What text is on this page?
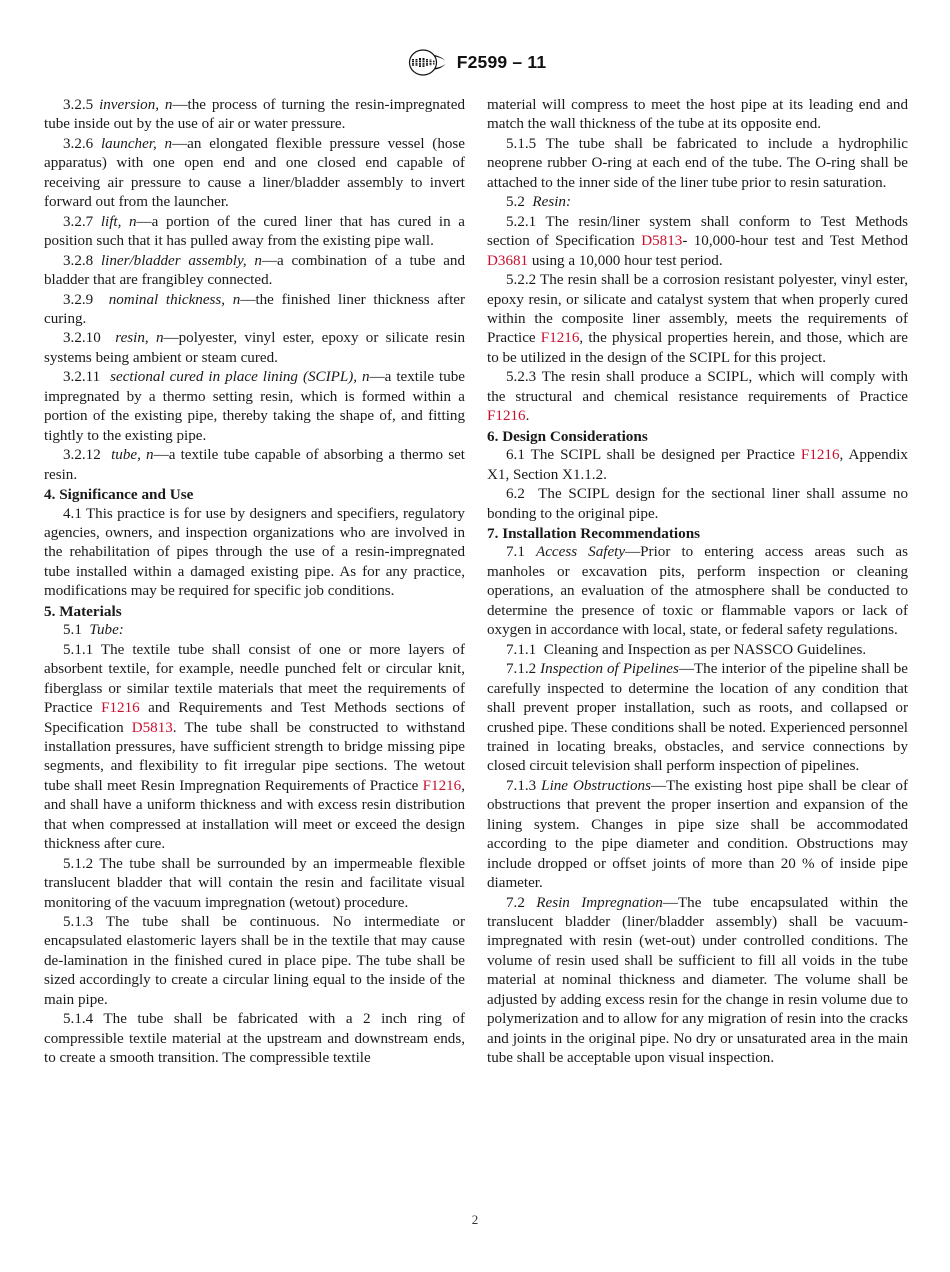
F2599 – 11

3.2.5 inversion, n—the process of turning the resin-impregnated tube inside out by the use of air or water pressure.

3.2.6 launcher, n—an elongated flexible pressure vessel (hose apparatus) with one open end and one closed end capable of receiving air pressure to cause a liner/bladder assembly to invert forward out from the launcher.

3.2.7 lift, n—a portion of the cured liner that has cured in a position such that it has pulled away from the existing pipe wall.

3.2.8 liner/bladder assembly, n—a combination of a tube and bladder that are frangibley connected.

3.2.9 nominal thickness, n—the finished liner thickness after curing.

3.2.10 resin, n—polyester, vinyl ester, epoxy or silicate resin systems being ambient or steam cured.

3.2.11 sectional cured in place lining (SCIPL), n—a textile tube impregnated by a thermo setting resin, which is formed within a portion of the existing pipe, thereby taking the shape of, and fitting tightly to the existing pipe.

3.2.12 tube, n—a textile tube capable of absorbing a thermo set resin.

4. Significance and Use

4.1 This practice is for use by designers and specifiers, regulatory agencies, owners, and inspection organizations who are involved in the rehabilitation of pipes through the use of a resin-impregnated tube installed within a damaged existing pipe. As for any practice, modifications may be required for specific job conditions.

5. Materials

5.1 Tube:

5.1.1 The textile tube shall consist of one or more layers of absorbent textile, for example, needle punched felt or circular knit, fiberglass or similar textile materials that meet the requirements of Practice F1216 and Requirements and Test Methods sections of Specification D5813. The tube shall be constructed to withstand installation pressures, have sufficient strength to bridge missing pipe segments, and flexibility to fit irregular pipe sections. The wetout tube shall meet Resin Impregnation Requirements of Practice F1216, and shall have a uniform thickness and with excess resin distribution that when compressed at installation will meet or exceed the design thickness after cure.

5.1.2 The tube shall be surrounded by an impermeable flexible translucent bladder that will contain the resin and facilitate visual monitoring of the vacuum impregnation (wetout) procedure.

5.1.3 The tube shall be continuous. No intermediate or encapsulated elastomeric layers shall be in the textile that may cause de-lamination in the finished cured in place pipe. The tube shall be sized accordingly to create a circular lining equal to the inside of the main pipe.

5.1.4 The tube shall be fabricated with a 2 inch ring of compressible textile material at the upstream and downstream ends, to create a smooth transition. The compressible textile

material will compress to meet the host pipe at its leading end and match the wall thickness of the tube at its opposite end.

5.1.5 The tube shall be fabricated to include a hydrophilic neoprene rubber O-ring at each end of the tube. The O-ring shall be attached to the inner side of the liner tube prior to resin saturation.

5.2 Resin:

5.2.1 The resin/liner system shall conform to Test Methods section of Specification D5813- 10,000-hour test and Test Method D3681 using a 10,000 hour test period.

5.2.2 The resin shall be a corrosion resistant polyester, vinyl ester, epoxy resin, or silicate and catalyst system that when properly cured within the composite liner assembly, meets the requirements of Practice F1216, the physical properties herein, and those, which are to be utilized in the design of the SCIPL for this project.

5.2.3 The resin shall produce a SCIPL, which will comply with the structural and chemical resistance requirements of Practice F1216.

6. Design Considerations

6.1 The SCIPL shall be designed per Practice F1216, Appendix X1, Section X1.1.2.

6.2 The SCIPL design for the sectional liner shall assume no bonding to the original pipe.

7. Installation Recommendations

7.1 Access Safety—Prior to entering access areas such as manholes or excavation pits, perform inspection or cleaning operations, an evaluation of the atmosphere shall be conducted to determine the presence of toxic or flammable vapors or lack of oxygen in accordance with local, state, or federal safety regulations.

7.1.1 Cleaning and Inspection as per NASSCO Guidelines.

7.1.2 Inspection of Pipelines—The interior of the pipeline shall be carefully inspected to determine the location of any condition that shall prevent proper installation, such as roots, and collapsed or crushed pipe. These conditions shall be noted. Experienced personnel trained in locating breaks, obstacles, and service connections by closed circuit television shall perform inspection of pipelines.

7.1.3 Line Obstructions—The existing host pipe shall be clear of obstructions that prevent the proper insertion and expansion of the lining system. Changes in pipe size shall be accommodated according to the pipe diameter and condition. Obstructions may include dropped or offset joints of more than 20 % of inside pipe diameter.

7.2 Resin Impregnation—The tube encapsulated within the translucent bladder (liner/bladder assembly) shall be vacuum-impregnated with resin (wet-out) under controlled conditions. The volume of resin used shall be sufficient to fill all voids in the tube material at nominal thickness and diameter. The volume shall be adjusted by adding excess resin for the change in resin volume due to polymerization and to allow for any migration of resin into the cracks and joints in the original pipe. No dry or unsaturated area in the main tube shall be acceptable upon visual inspection.

2
